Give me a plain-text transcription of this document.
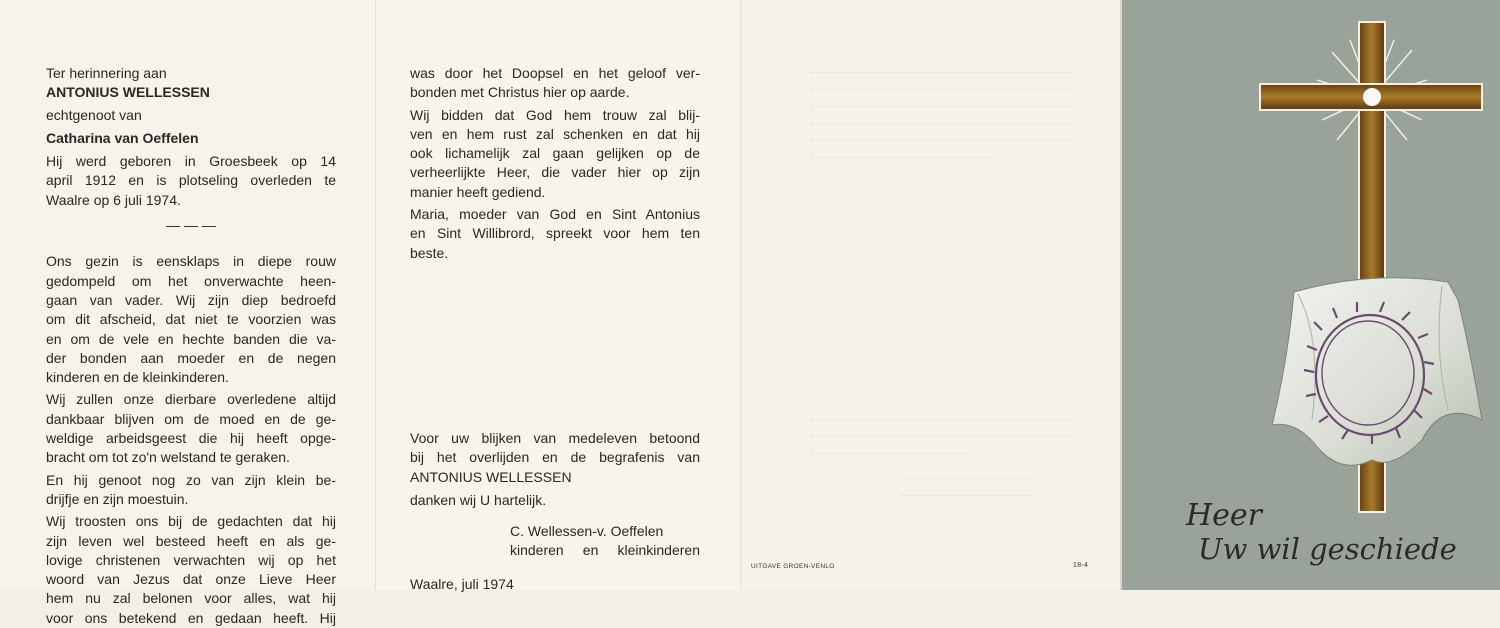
Ter herinnering aan
ANTONIUS WELLESSEN
echtgenoot van
Catharina van Oeffelen
Hij werd geboren in Groesbeek op 14
april 1912 en is plotseling overleden te
Waalre op 6 juli 1974.
— — —
Ons gezin is eensklaps in diepe rouw
gedompeld om het onverwachte heen-
gaan van vader. Wij zijn diep bedroefd
om dit afscheid, dat niet te voorzien was
en om de vele en hechte banden die va-
der bonden aan moeder en de negen
kinderen en de kleinkinderen.
Wij zullen onze dierbare overledene altijd
dankbaar blijven om de moed en de ge-
weldige arbeidsgeest die hij heeft opge-
bracht om tot zo'n welstand te geraken.
En hij genoot nog zo van zijn klein be-
drijfje en zijn moestuin.
Wij troosten ons bij de gedachten dat hij
zijn leven wel besteed heeft en als ge-
lovige christenen verwachten wij op het
woord van Jezus dat onze Lieve Heer
hem nu zal belonen voor alles, wat hij
voor ons betekend en gedaan heeft. Hij
was door het Doopsel en het geloof ver-
bonden met Christus hier op aarde.
Wij bidden dat God hem trouw zal blij-
ven en hem rust zal schenken en dat hij
ook lichamelijk zal gaan gelijken op de
verheerlijkte Heer, die vader hier op zijn
manier heeft gediend.
Maria, moeder van God en Sint Antonius
en Sint Willibrord, spreekt voor hem ten
beste.
Voor uw blijken van medeleven betoond
bij het overlijden en de begrafenis van
ANTONIUS WELLESSEN
danken wij U hartelijk.
C. Wellessen-v. Oeffelen
kinderen en kleinkinderen
Waalre, juli 1974
UITGAVE GROEN-VENLO	18-4
Heer
Uw wil geschiede
